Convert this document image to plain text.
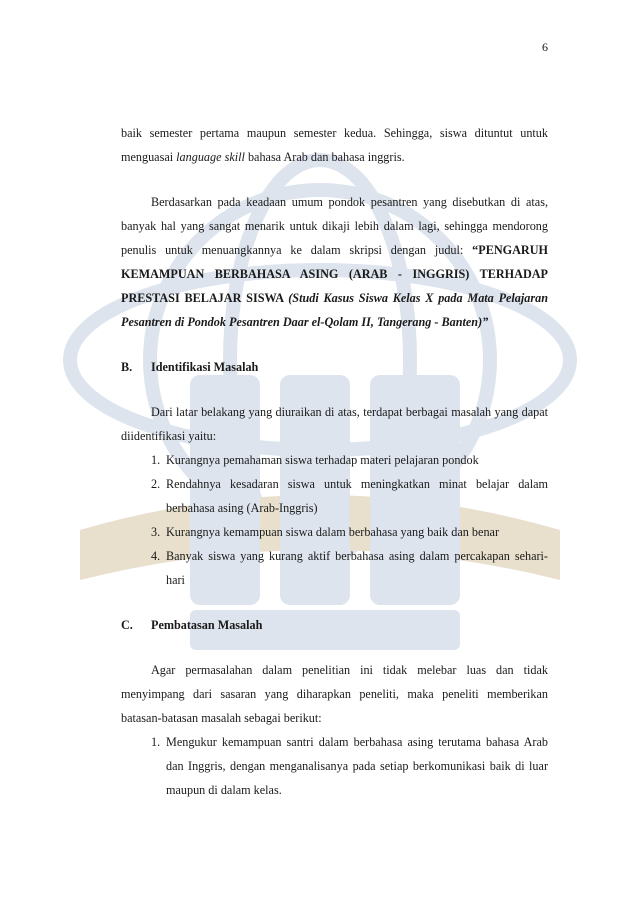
6

baik semester pertama maupun semester kedua. Sehingga, siswa dituntut untuk menguasai language skill bahasa Arab dan bahasa inggris.

Berdasarkan pada keadaan umum pondok pesantren yang disebutkan di atas, banyak hal yang sangat menarik untuk dikaji lebih dalam lagi, sehingga mendorong penulis untuk menuangkannya ke dalam skripsi dengan judul: “PENGARUH KEMAMPUAN BERBAHASA ASING (ARAB - INGGRIS) TERHADAP PRESTASI BELAJAR SISWA (Studi Kasus Siswa Kelas X pada Mata Pelajaran Pesantren di Pondok Pesantren Daar el-Qolam II, Tangerang - Banten)”

B.	Identifikasi Masalah

Dari latar belakang yang diuraikan di atas, terdapat berbagai masalah yang dapat diidentifikasi yaitu:

1. Kurangnya pemahaman siswa terhadap materi pelajaran pondok
2. Rendahnya kesadaran siswa untuk meningkatkan minat belajar dalam berbahasa asing (Arab-Inggris)
3. Kurangnya kemampuan siswa dalam berbahasa yang baik dan benar
4. Banyak siswa yang kurang aktif berbahasa asing dalam percakapan sehari-hari
C.	Pembatasan Masalah

Agar permasalahan dalam penelitian ini tidak melebar luas dan tidak menyimpang dari sasaran yang diharapkan peneliti, maka peneliti memberikan batasan-batasan masalah sebagai berikut:

1. Mengukur kemampuan santri dalam berbahasa asing terutama bahasa Arab dan Inggris, dengan menganalisanya pada setiap berkomunikasi baik di luar maupun di dalam kelas.
